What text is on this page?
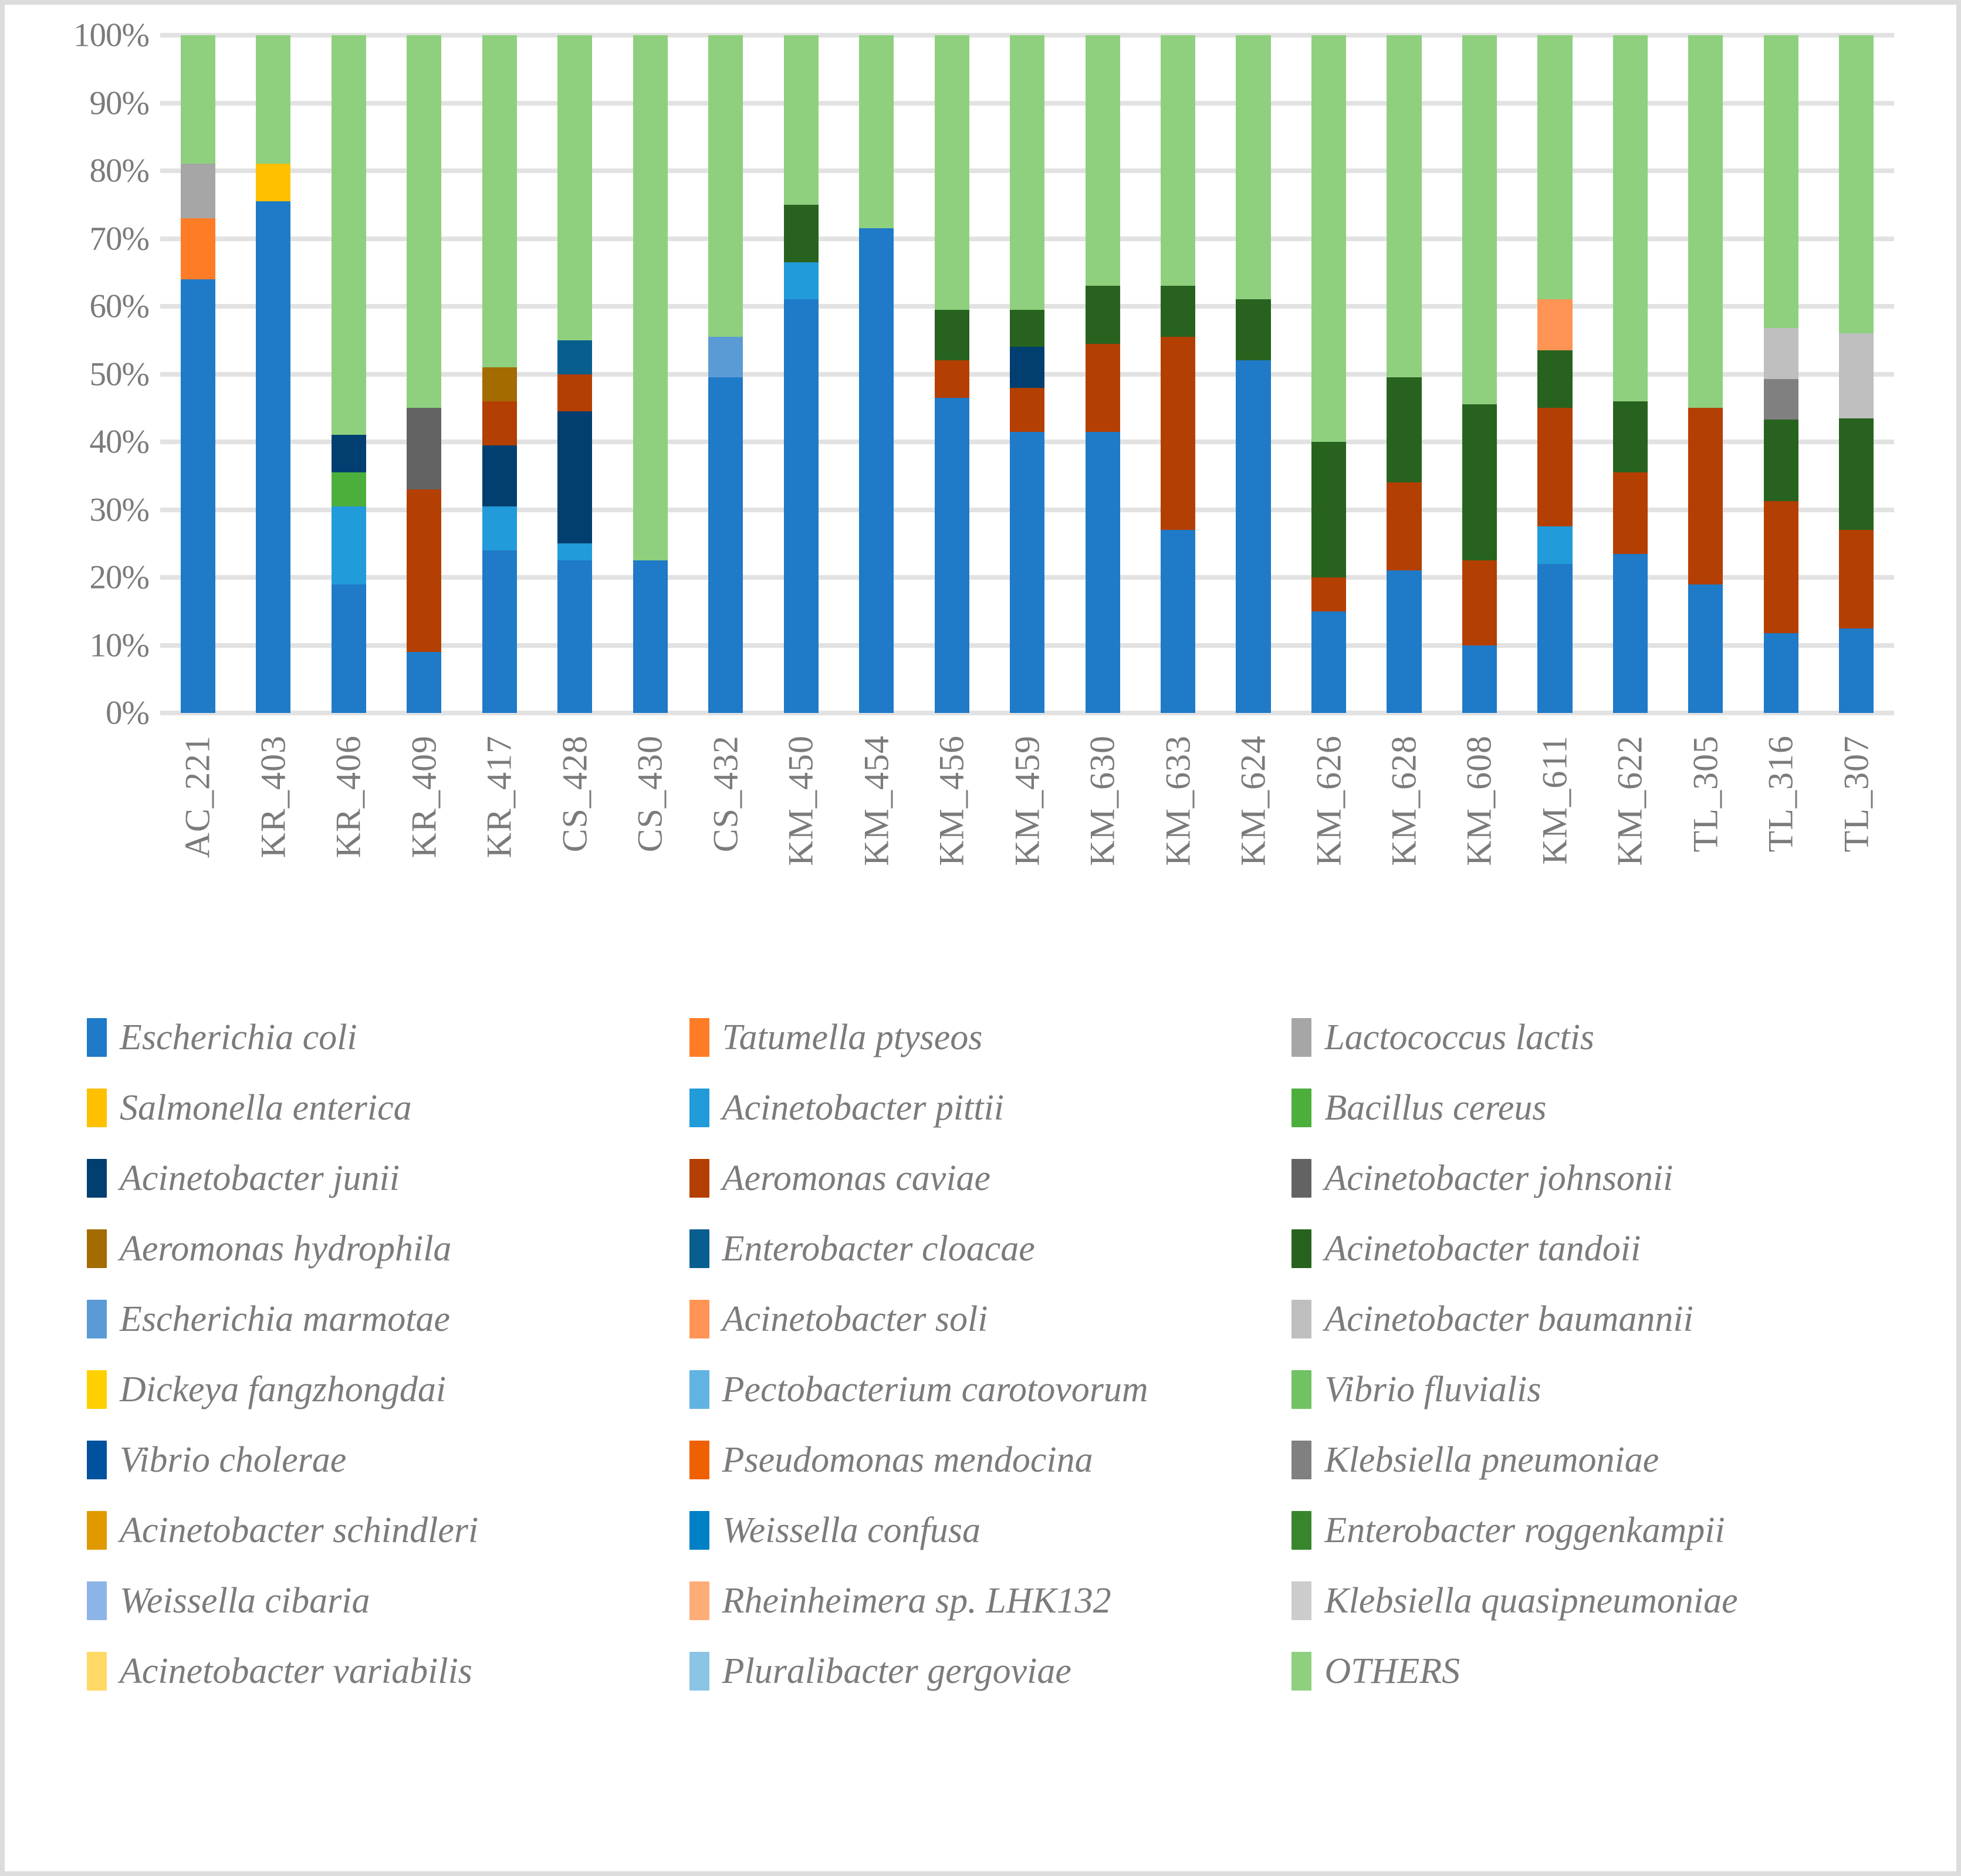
100%
90%
80%
70%
60%
50%
40%
30%
20%
10%
0%
AC_221 KR_403 KR_406 KR_409 KR_417 CS_428 CS_430 CS_432 KM_450 KM_454 KM_456 KM_459 KM_630 KM_633 KM_624 KM_626 KM_628 KM_608 KM_611 KM_622 TL_305 TL_316 TL_307
Escherichia coli	Tatumella ptyseos	Lactococcus lactis
Salmonella enterica	Acinetobacter pittii	Bacillus cereus
Acinetobacter junii	Aeromonas caviae	Acinetobacter johnsonii
Aeromonas hydrophila	Enterobacter cloacae	Acinetobacter tandoii
Escherichia marmotae	Acinetobacter soli	Acinetobacter baumannii
Dickeya fangzhongdai	Pectobacterium carotovorum	Vibrio fluvialis
Vibrio cholerae	Pseudomonas mendocina	Klebsiella pneumoniae
Acinetobacter schindleri	Weissella confusa	Enterobacter roggenkampii
Weissella cibaria	Rheinheimera sp. LHK132	Klebsiella quasipneumoniae
Acinetobacter variabilis	Pluralibacter gergoviae	OTHERS
